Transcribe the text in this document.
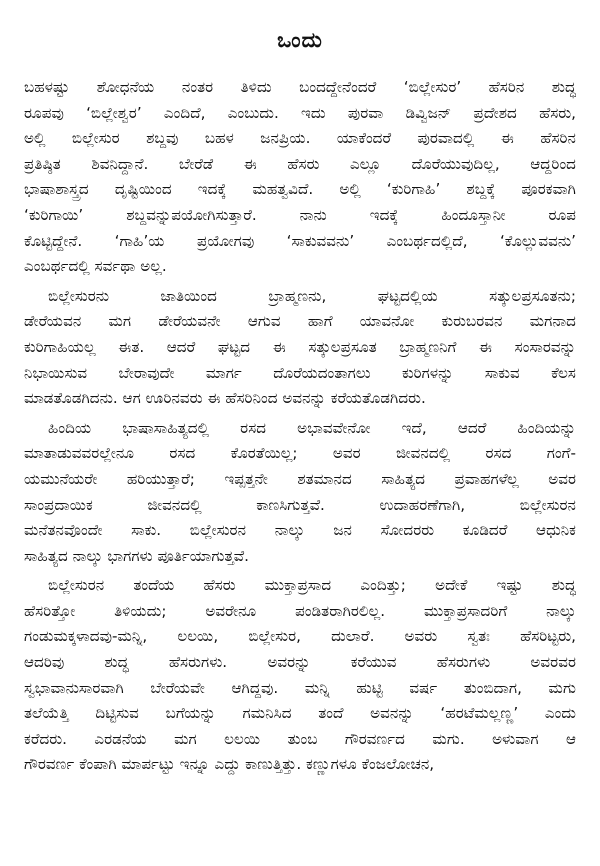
ಒಂದು
ಬಹಳಷ್ಟು ಶೋಧನೆಯ ನಂತರ ತಿಳಿದು ಬಂದದ್ದೇನೆಂದರೆ ‘ಬಿಲ್ಲೇಸುರ’ ಹೆಸರಿನ ಶುದ್ಧ
ರೂಪವು ‘ಬಿಲ್ಲೇಶ್ವರ’ ಎಂದಿದೆ, ಎಂಬುದು. ಇದು ಪುರವಾ ಡಿವ್ವಿಜನ್ ಪ್ರದೇಶದ ಹೆಸರು,
ಅಲ್ಲಿ ಬಿಲ್ಲೇಸುರ ಶಬ್ದವು ಬಹಳ ಜನಪ್ರಿಯ. ಯಾಕೆಂದರೆ ಪುರವಾದಲ್ಲಿ ಈ ಹೆಸರಿನ
ಪ್ರತಿಷ್ಠಿತ ಶಿವನಿದ್ದಾನೆ. ಬೇರೆಡೆ ಈ ಹೆಸರು ಎಲ್ಲೂ ದೊರೆಯುವುದಿಲ್ಲ, ಆದ್ದರಿಂದ
ಭಾಷಾಶಾಸ್ತ್ರದ ದೃಷ್ಟಿಯಿಂದ ಇದಕ್ಕೆ ಮಹತ್ವವಿದೆ. ಅಲ್ಲಿ ‘ಕುರಿಗಾಹಿ’ ಶಬ್ದಕ್ಕೆ ಪೂರಕವಾಗಿ
‘ಕುರಿಗಾಯಿ’ ಶಬ್ದವನ್ನುಪಯೋಗಿಸುತ್ತಾರೆ. ನಾನು ಇದಕ್ಕೆ ಹಿಂದೂಸ್ತಾನೀ ರೂಪ
ಕೊಟ್ಟಿದ್ದೇನೆ. ‘ಗಾಹಿ’ಯ ಪ್ರಯೋಗವು ‘ಸಾಕುವವನು’ ಎಂಬರ್ಥದಲ್ಲಿದೆ, ‘ಕೊಲ್ಲುವವನು’
ಎಂಬರ್ಥದಲ್ಲಿ ಸರ್ವಥಾ ಅಲ್ಲ.
ಬಿಲ್ಲೇಸುರನು ಜಾತಿಯಿಂದ ಬ್ರಾಹ್ಮಣನು, ಘಟ್ಟದಲ್ಲಿಯ ಸತ್ಕುಲಪ್ರಸೂತನು;
ಡೇರೆಯವನ ಮಗ ಡೇರೆಯವನೇ ಆಗುವ ಹಾಗೆ ಯಾವನೋ ಕುರುಬರವನ ಮಗನಾದ
ಕುರಿಗಾಹಿಯಲ್ಲ ಈತ. ಆದರೆ ಘಟ್ಟದ ಈ ಸತ್ಕುಲಪ್ರಸೂತ ಬ್ರಾಹ್ಮಣನಿಗೆ ಈ ಸಂಸಾರವನ್ನು
ನಿಭಾಯಿಸುವ ಬೇರಾವುದೇ ಮಾರ್ಗ ದೊರೆಯದಂತಾಗಲು ಕುರಿಗಳನ್ನು ಸಾಕುವ ಕೆಲಸ
ಮಾಡತೊಡಗಿದನು. ಆಗ ಊರಿನವರು ಈ ಹೆಸರಿನಿಂದ ಅವನನ್ನು ಕರೆಯತೊಡಗಿದರು.
ಹಿಂದಿಯ ಭಾಷಾಸಾಹಿತ್ಯದಲ್ಲಿ ರಸದ ಅಭಾವವೇನೋ ಇದೆ, ಆದರೆ ಹಿಂದಿಯನ್ನು
ಮಾತಾಡುವವರಲ್ಲೇನೂ ರಸದ ಕೊರತೆಯಿಲ್ಲ; ಅವರ ಜೀವನದಲ್ಲಿ ರಸದ ಗಂಗೆ-
ಯಮುನೆಯರೇ ಹರಿಯುತ್ತಾರೆ; ಇಪ್ಪತ್ತನೇ ಶತಮಾನದ ಸಾಹಿತ್ಯದ ಪ್ರವಾಹಗಳೆಲ್ಲ ಅವರ
ಸಾಂಪ್ರದಾಯಿಕ ಜೀವನದಲ್ಲಿ ಕಾಣಸಿಗುತ್ತವೆ. ಉದಾಹರಣೆಗಾಗಿ, ಬಿಲ್ಲೇಸುರನ
ಮನೆತನವೊಂದೇ ಸಾಕು. ಬಿಲ್ಲೇಸುರನ ನಾಲ್ಕು ಜನ ಸೋದರರು ಕೂಡಿದರೆ ಆಧುನಿಕ
ಸಾಹಿತ್ಯದ ನಾಲ್ಕು ಭಾಗಗಳು ಪೂರ್ತಿಯಾಗುತ್ತವೆ.
ಬಿಲ್ಲೇಸುರನ ತಂದೆಯ ಹೆಸರು ಮುಕ್ತಾಪ್ರಸಾದ ಎಂದಿತ್ತು; ಅದೇಕೆ ಇಷ್ಟು ಶುದ್ಧ
ಹೆಸರಿತ್ತೋ ತಿಳಿಯದು; ಅವರೇನೂ ಪಂಡಿತರಾಗಿರಲಿಲ್ಲ. ಮುಕ್ತಾಪ್ರಸಾದರಿಗೆ ನಾಲ್ಕು
ಗಂಡುಮಕ್ಕಳಾದವು-ಮನ್ನಿ, ಲಲಯಿ, ಬಿಲ್ಲೇಸುರ, ದುಲಾರೆ. ಅವರು ಸ್ವತಃ ಹೆಸರಿಟ್ಟರು,
ಆದರಿವು ಶುದ್ಧ ಹೆಸರುಗಳು. ಅವರನ್ನು ಕರೆಯುವ ಹೆಸರುಗಳು ಅವರವರ
ಸ್ವಭಾವಾನುಸಾರವಾಗಿ ಬೇರೆಯವೇ ಆಗಿದ್ದವು. ಮನ್ನಿ ಹುಟ್ಟಿ ವರ್ಷ ತುಂಬಿದಾಗ, ಮಗು
ತಲೆಯೆತ್ತಿ ದಿಟ್ಟಿಸುವ ಬಗೆಯನ್ನು ಗಮನಿಸಿದ ತಂದೆ ಅವನನ್ನು ‘ಹರಟೆಮಲ್ಲಣ್ಣ’ ಎಂದು
ಕರೆದರು. ಎರಡನೆಯ ಮಗ ಲಲಯಿ ತುಂಬ ಗೌರವರ್ಣದ ಮಗು. ಅಳುವಾಗ ಆ
ಗೌರವರ್ಣ ಕೆಂಪಾಗಿ ಮಾರ್ಪಟ್ಟು ಇನ್ನೂ ಎದ್ದು ಕಾಣುತ್ತಿತ್ತು. ಕಣ್ಣುಗಳೂ ಕೆಂಜಲೋಚನ,
